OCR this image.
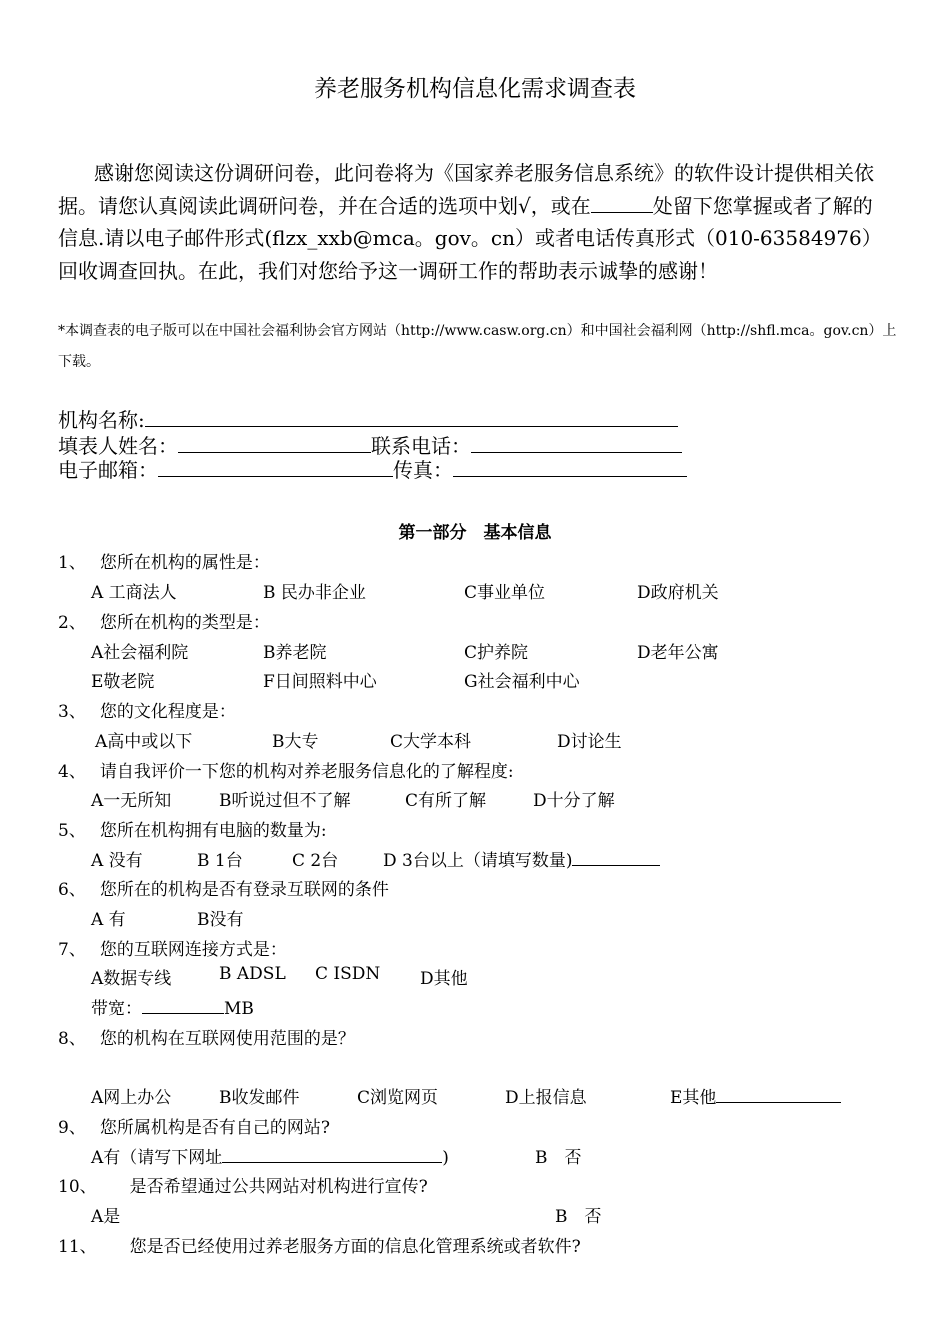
养老服务机构信息化需求调查表

感谢您阅读这份调研问卷，此问卷将为《国家养老服务信息系统》的软件设计提供相关依据。请您认真阅读此调研问卷，并在合适的选项中划√，或在	处留下您掌握或者了解的信息.请以电子邮件形式(flzx_xxb@mca。gov。cn）或者电话传真形式（010-63584976）回收调查回执。在此，我们对您给予这一调研工作的帮助表示诚挚的感谢！

*本调查表的电子版可以在中国社会福利协会官方网站（http://www.casw.org.cn）和中国社会福利网（http://shfl.mca。gov.cn）上下载。
机构名称:
填表人姓名：	联系电话：
电子邮箱：	传真：
第一部分　基本信息
1、 您所在机构的属性是：
A 工商法人	B 民办非企业	C事业单位	D政府机关
2、 您所在机构的类型是：
A社会福利院	B养老院	C护养院	D老年公寓
E敬老院	F日间照料中心	G社会福利中心
3、 您的文化程度是：
A高中或以下	B大专	C大学本科	D讨论生
4、 请自我评价一下您的机构对养老服务信息化的了解程度:
A一无所知	B听说过但不了解	C有所了解	D十分了解
5、 您所在机构拥有电脑的数量为:
A 没有	B 1台	C 2台	D 3台以上（请填写数量)
6、 您所在的机构是否有登录互联网的条件
A 有	B没有
7、 您的互联网连接方式是：
A数据专线	B ADSL C ISDN D其他
带宽：	MB
8、 您的机构在互联网使用范围的是？
A网上办公	B收发邮件	C浏览网页	D上报信息	E其他
9、 您所属机构是否有自己的网站?
A有（请写下网址	)	B　否
10、 是否希望通过公共网站对机构进行宣传?
A是	B　否
11、 您是否已经使用过养老服务方面的信息化管理系统或者软件?
